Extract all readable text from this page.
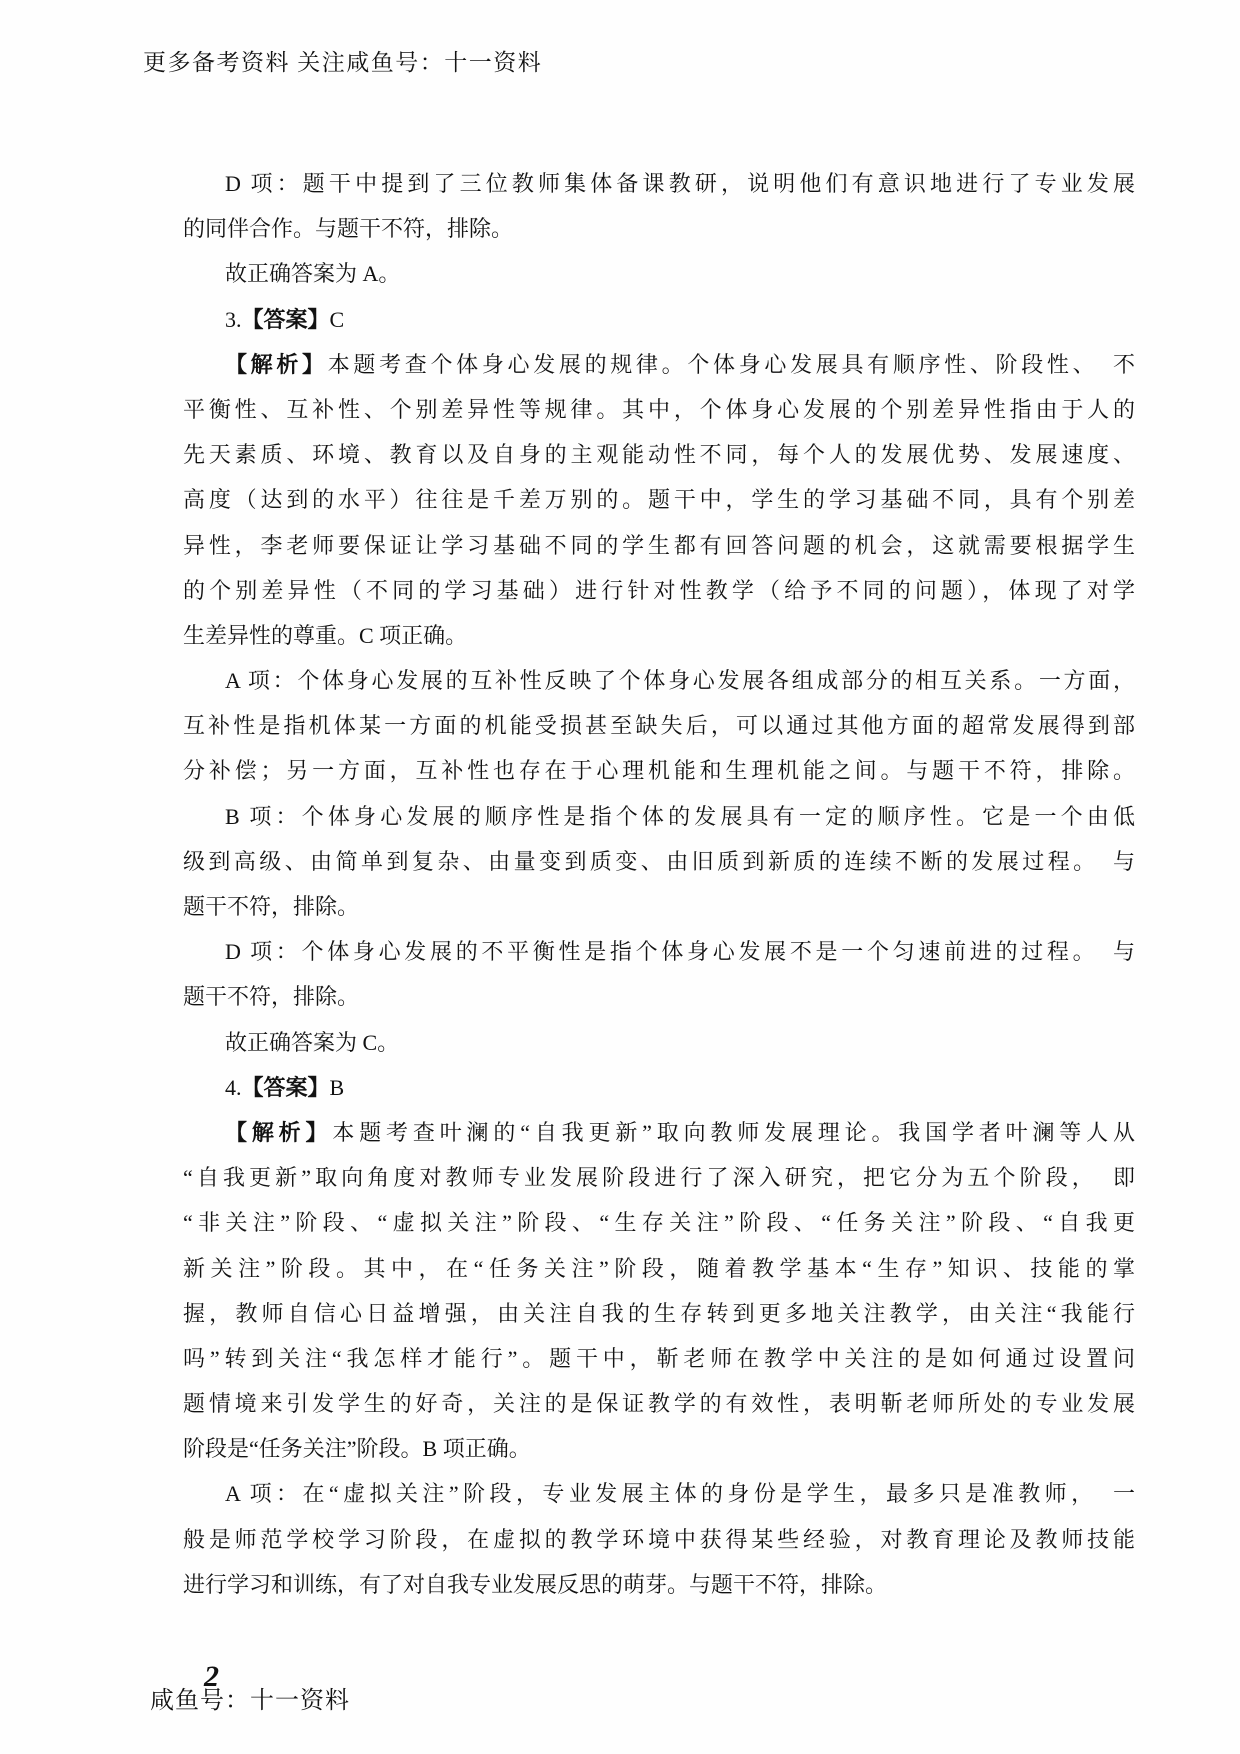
更多备考资料 关注咸鱼号：十一资料
D 项：题干中提到了三位教师集体备课教研，说明他们有意识地进行了专业发展
的同伴合作。与题干不符，排除。
故正确答案为 A。
3.【答案】C
【解析】本题考查个体身心发展的规律。个体身心发展具有顺序性、阶段性、　不
平衡性、互补性、个别差异性等规律。其中，个体身心发展的个别差异性指由于人的
先天素质、环境、教育以及自身的主观能动性不同，每个人的发展优势、发展速度、
高度（达到的水平）往往是千差万别的。题干中，学生的学习基础不同，具有个别差
异性，李老师要保证让学习基础不同的学生都有回答问题的机会，这就需要根据学生
的个别差异性（不同的学习基础）进行针对性教学（给予不同的问题），体现了对学
生差异性的尊重。C 项正确。
A 项：个体身心发展的互补性反映了个体身心发展各组成部分的相互关系。一方面，
互补性是指机体某一方面的机能受损甚至缺失后，可以通过其他方面的超常发展得到部
分补偿；另一方面，互补性也存在于心理机能和生理机能之间。与题干不符，排除。
B 项：个体身心发展的顺序性是指个体的发展具有一定的顺序性。它是一个由低
级到高级、由简单到复杂、由量变到质变、由旧质到新质的连续不断的发展过程。　与
题干不符，排除。
D 项：个体身心发展的不平衡性是指个体身心发展不是一个匀速前进的过程。　与
题干不符，排除。
故正确答案为 C。
4.【答案】B
【解析】本题考查叶澜的“自我更新”取向教师发展理论。我国学者叶澜等人从
“自我更新”取向角度对教师专业发展阶段进行了深入研究，把它分为五个阶段，　即
“非关注”阶段、“虚拟关注”阶段、“生存关注”阶段、“任务关注”阶段、“自我更
新关注”阶段。其中，在“任务关注”阶段，随着教学基本“生存”知识、技能的掌
握，教师自信心日益增强，由关注自我的生存转到更多地关注教学，由关注“我能行
吗”转到关注“我怎样才能行”。题干中，靳老师在教学中关注的是如何通过设置问
题情境来引发学生的好奇，关注的是保证教学的有效性，表明靳老师所处的专业发展
阶段是“任务关注”阶段。B 项正确。
A 项：在“虚拟关注”阶段，专业发展主体的身份是学生，最多只是准教师，　一
般是师范学校学习阶段，在虚拟的教学环境中获得某些经验，对教育理论及教师技能
进行学习和训练，有了对自我专业发展反思的萌芽。与题干不符，排除。
咸鱼号：十一资料
2
